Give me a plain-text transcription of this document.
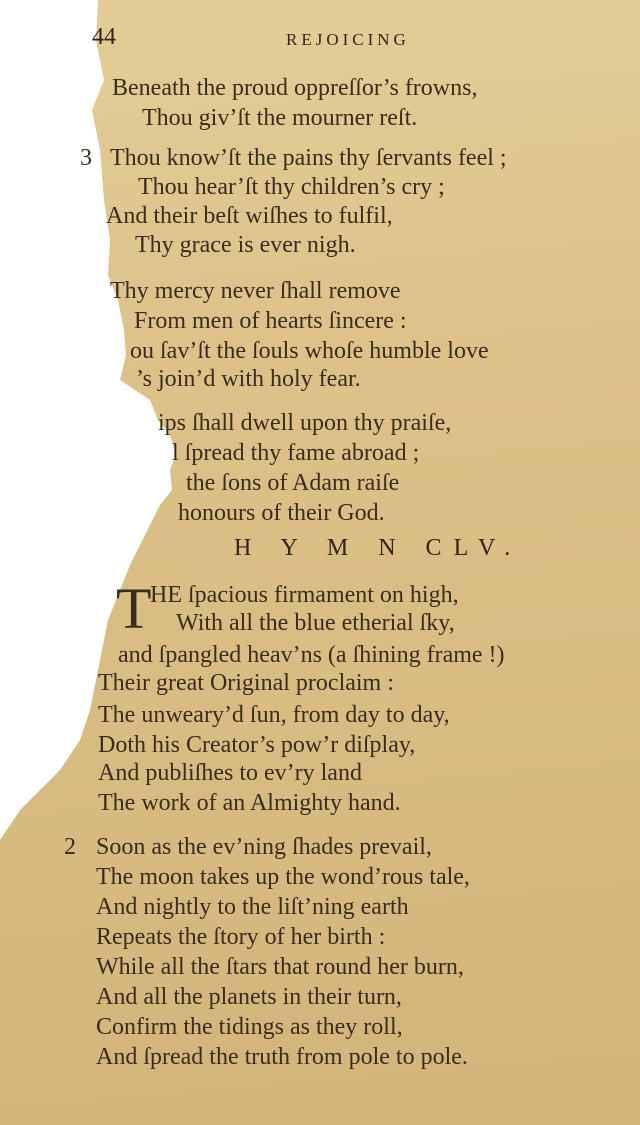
44	REJOICING
Beneath the proud oppreſſor’s frowns,
Thou giv’ſt the mourner reſt.
3 Thou know’ſt the pains thy ſervants feel ;
Thou hear’ſt thy children’s cry ;
And their beſt wiſhes to fulfil,
Thy grace is ever nigh.
Thy mercy never ſhall remove
From men of hearts ſincere :
ou ſav’ſt the ſouls whoſe humble love
’s join’d with holy fear.
ips ſhall dwell upon thy praiſe,
l ſpread thy fame abroad ;
the ſons of Adam raiſe
honours of their God.
H Y M N CLV.
T
HE ſpacious firmament on high,
With all the blue etherial ſky,
and ſpangled heav’ns (a ſhining frame !)
Their great Original proclaim :
The unweary’d ſun, from day to day,
Doth his Creator’s pow’r diſplay,
And publiſhes to ev’ry land
The work of an Almighty hand.
2 Soon as the ev’ning ſhades prevail,
The moon takes up the wond’rous tale,
And nightly to the liſt’ning earth
Repeats the ſtory of her birth :
While all the ſtars that round her burn,
And all the planets in their turn,
Confirm the tidings as they roll,
And ſpread the truth from pole to pole.
